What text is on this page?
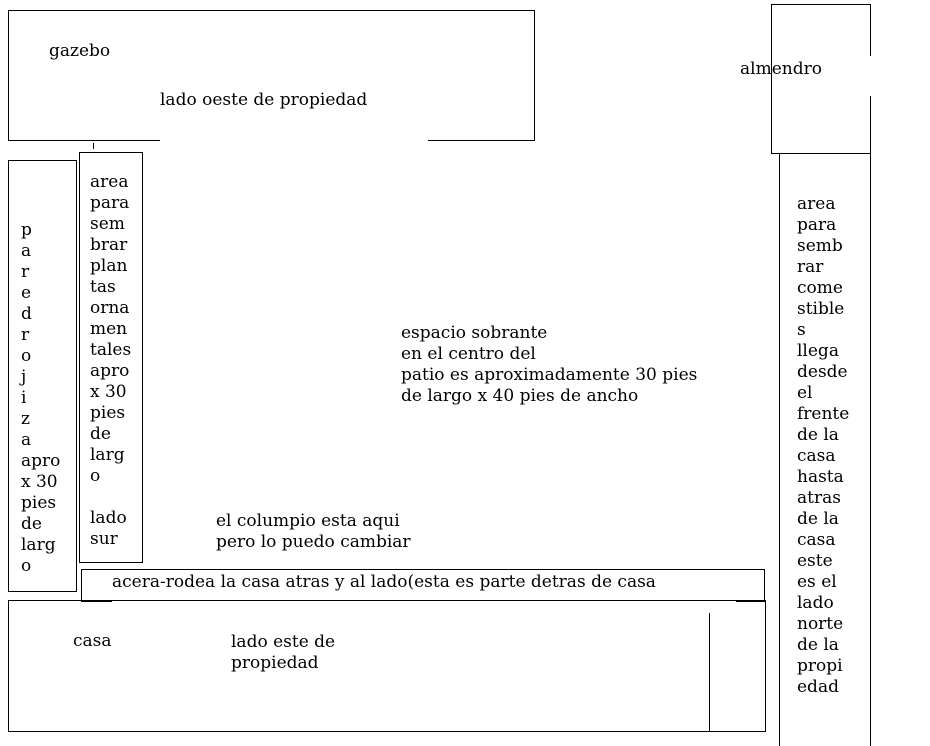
gazebo
lado oeste de propiedad
almendro
p
a
r
e
d
r
o
j
i
z
a
apro
x 30
pies
de
larg
o
area
para
sem
brar
plan
tas
orna
men
tales
apro
x 30
pies
de
larg
o

lado
sur
area
para
semb
rar
come
stible
s
llega
desde
el
frente
de la
casa
hasta
atras
de la
casa
este
es el
lado
norte
de la
propi
edad
espacio sobrante
en el centro del
patio es aproximadamente 30 pies
de largo x 40 pies de ancho
el columpio esta aqui
pero lo puedo cambiar
acera-rodea la casa atras y al lado(esta es parte detras de casa
casa	lado este de
propiedad
